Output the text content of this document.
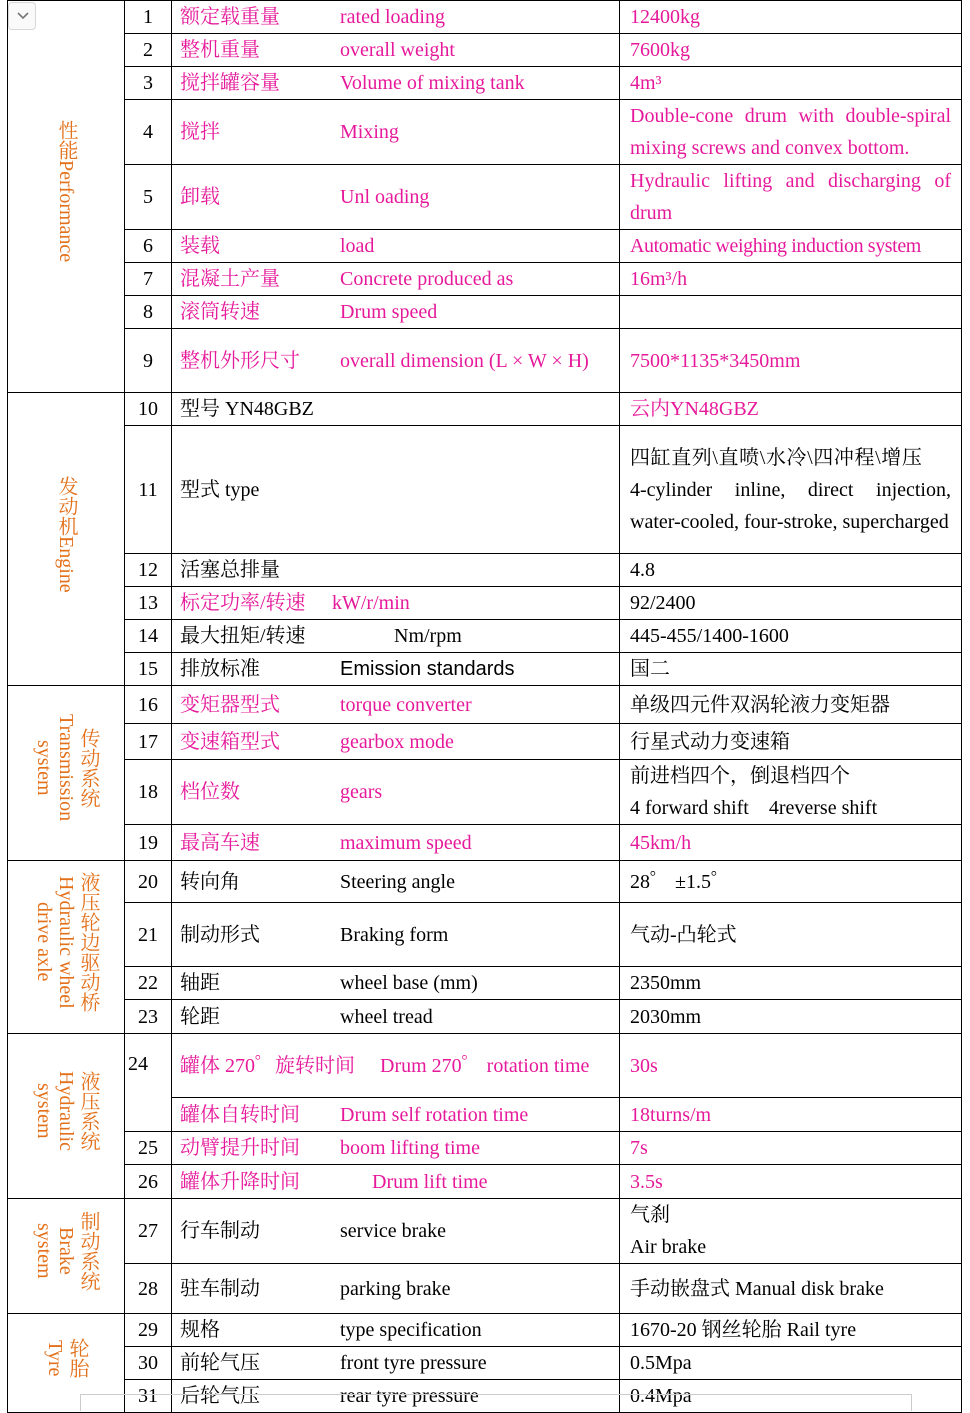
性能Performance	1	额定载重量 rated loading	12400kg
	2	整机重量 overall weight	7600kg
	3	搅拌罐容量 Volume of mixing tank	4m³
	4	搅拌 Mixing	Double-cone drum with double-spiral mixing screws and convex bottom.
	5	卸载 Unl oading	Hydraulic lifting and discharging of drum
	6	装载 load	Automatic weighing induction system
	7	混凝土产量 Concrete produced as	16m³/h
	8	滚筒转速 Drum speed	
	9	整机外形尺寸 overall dimension (L × W × H)	7500*1135*3450mm
发动机Engine	10	型号 YN48GBZ	云内YN48GBZ
	11	型式 type	四缸直列\直喷\水冷\四冲程\增压
4-cylinder inline, direct injection, water-cooled, four-stroke, supercharged
	12	活塞总排量	4.8
	13	标定功率/转速 kW/r/min	92/2400
	14	最大扭矩/转速 Nm/rpm	445-455/1400-1600
	15	排放标准 Emission standards	国二
传动系统Transmission system	16	变矩器型式 torque converter	单级四元件双涡轮液力变矩器
	17	变速箱型式 gearbox mode	行星式动力变速箱
	18	档位数 gears	前进档四个，倒退档四个
4 forward shift    4reverse shift
	19	最高车速 maximum speed	45km/h
液压轮边驱动桥Hydraulic wheel drive axle	20	转向角 Steering angle	28゜ ±1.5゜
	21	制动形式 Braking form	气动-凸轮式
	22	轴距 wheel base (mm)	2350mm
	23	轮距 wheel tread	2030mm
液压系统Hydraulic system	24	罐体 270゜旋转时间 Drum 270゜ rotation time	30s
		罐体自转时间 Drum self rotation time	18turns/m
	25	动臂提升时间 boom lifting time	7s
	26	罐体升降时间 Drum lift time	3.5s
制动系统Brake system	27	行车制动 service brake	气刹
Air brake
	28	驻车制动 parking brake	手动嵌盘式 Manual disk brake
轮胎Tyre	29	规格 type specification	1670-20 钢丝轮胎 Rail tyre
	30	前轮气压 front tyre pressure	0.5Mpa
	31	后轮气压 rear tyre pressure	0.4Mpa
